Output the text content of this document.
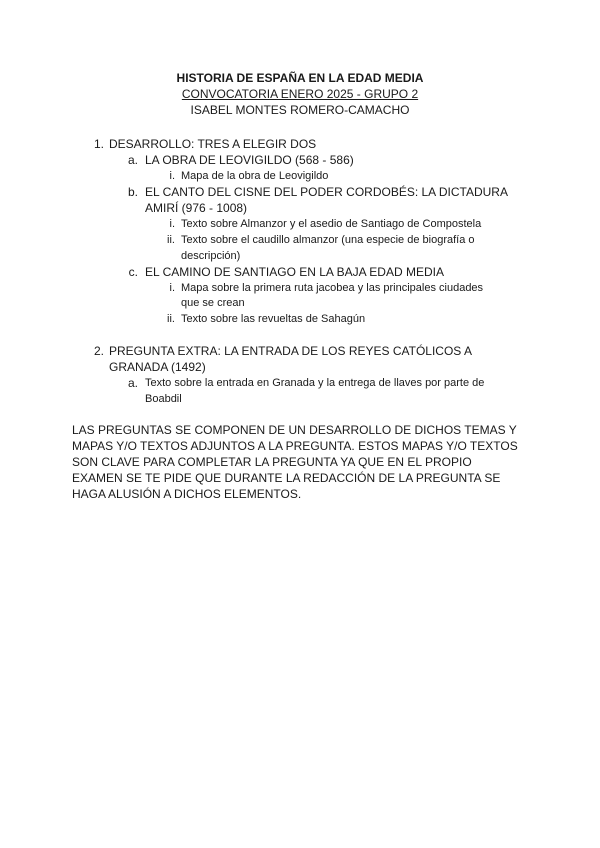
HISTORIA DE ESPAÑA EN LA EDAD MEDIA
CONVOCATORIA ENERO 2025 - GRUPO 2
ISABEL MONTES ROMERO-CAMACHO
1. DESARROLLO: TRES A ELEGIR DOS
a. LA OBRA DE LEOVIGILDO (568 - 586)
i. Mapa de la obra de Leovigildo
b. EL CANTO DEL CISNE DEL PODER CORDOBÉS: LA DICTADURA
AMIRÍ (976 - 1008)
i. Texto sobre Almanzor y el asedio de Santiago de Compostela
ii. Texto sobre el caudillo almanzor (una especie de biografía o
descripción)
c. EL CAMINO DE SANTIAGO EN LA BAJA EDAD MEDIA
i. Mapa sobre la primera ruta jacobea y las principales ciudades
que se crean
ii. Texto sobre las revueltas de Sahagún
2. PREGUNTA EXTRA: LA ENTRADA DE LOS REYES CATÓLICOS A
GRANADA (1492)
a. Texto sobre la entrada en Granada y la entrega de llaves por parte de
Boabdil
LAS PREGUNTAS SE COMPONEN DE UN DESARROLLO DE DICHOS TEMAS Y
MAPAS Y/O TEXTOS ADJUNTOS A LA PREGUNTA. ESTOS MAPAS Y/O TEXTOS
SON CLAVE PARA COMPLETAR LA PREGUNTA YA QUE EN EL PROPIO
EXAMEN SE TE PIDE QUE DURANTE LA REDACCIÓN DE LA PREGUNTA SE
HAGA ALUSIÓN A DICHOS ELEMENTOS.
